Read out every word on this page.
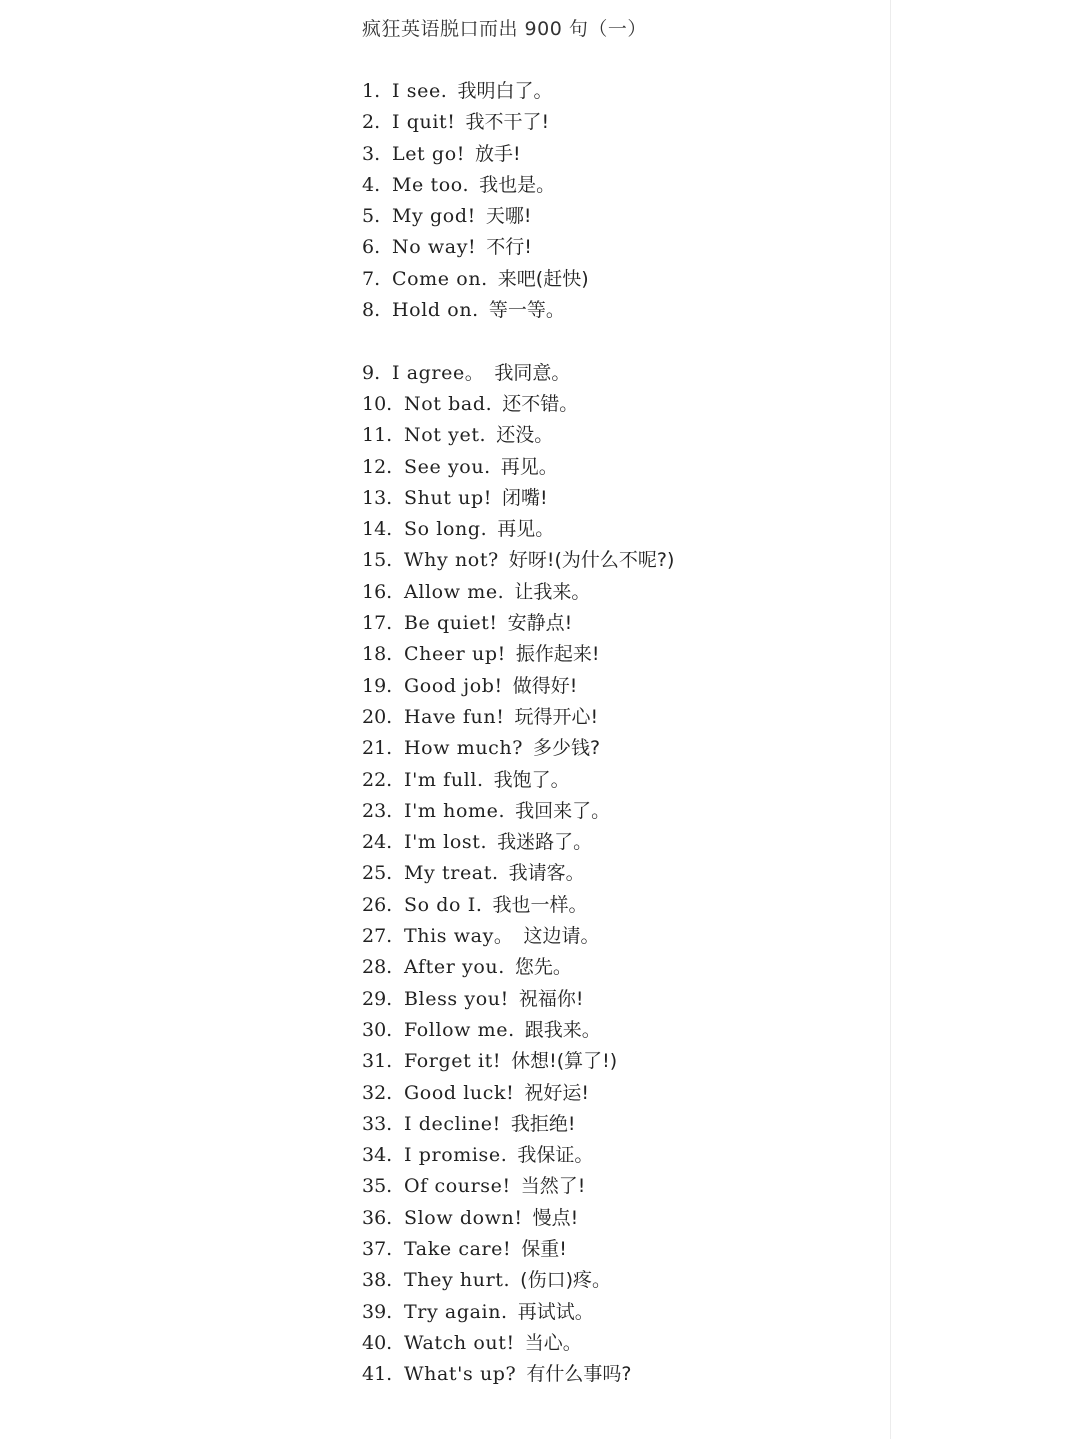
疯狂英语脱口而出 900 句（一）
1. I see. 我明白了。
2. I quit! 我不干了!
3. Let go! 放手!
4. Me too. 我也是。
5. My god! 天哪!
6. No way! 不行!
7. Come on. 来吧(赶快)
8. Hold on. 等一等。
9. I agree。 我同意。
10. Not bad. 还不错。
11. Not yet. 还没。
12. See you. 再见。
13. Shut up! 闭嘴!
14. So long. 再见。
15. Why not? 好呀!(为什么不呢?)
16. Allow me. 让我来。
17. Be quiet! 安静点!
18. Cheer up! 振作起来!
19. Good job! 做得好!
20. Have fun! 玩得开心!
21. How much? 多少钱?
22. I'm full. 我饱了。
23. I'm home. 我回来了。
24. I'm lost. 我迷路了。
25. My treat. 我请客。
26. So do I. 我也一样。
27. This way。 这边请。
28. After you. 您先。
29. Bless you! 祝福你!
30. Follow me. 跟我来。
31. Forget it! 休想!(算了!)
32. Good luck! 祝好运!
33. I decline! 我拒绝!
34. I promise. 我保证。
35. Of course! 当然了!
36. Slow down! 慢点!
37. Take care! 保重!
38. They hurt. (伤口)疼。
39. Try again. 再试试。
40. Watch out! 当心。
41. What's up? 有什么事吗?
